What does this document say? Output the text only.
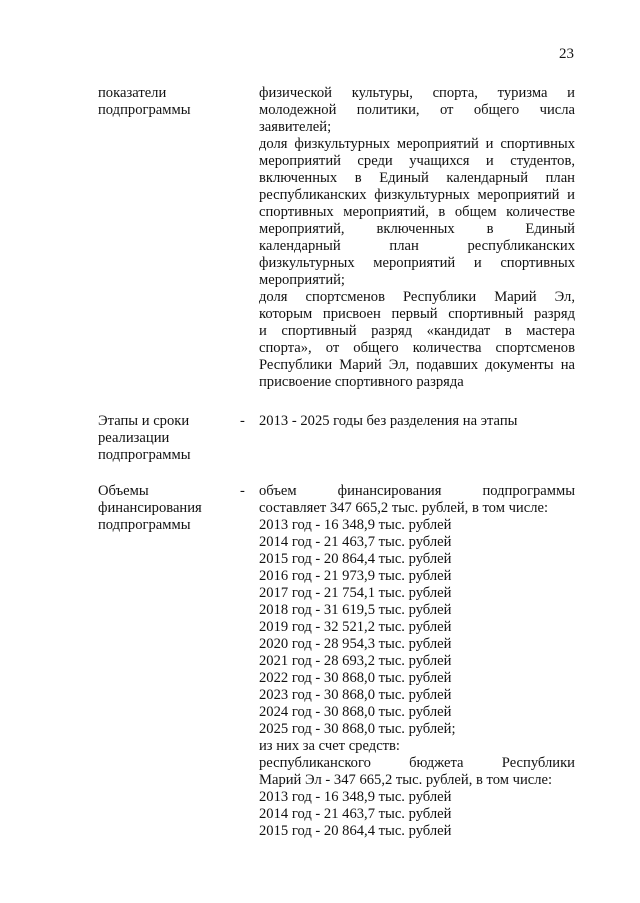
23
показатели
подпрограммы
физической культуры, спорта, туризма и
молодежной политики, от общего числа
заявителей;
доля физкультурных мероприятий и спортивных
мероприятий среди учащихся и студентов,
включенных в Единый календарный план
республиканских физкультурных мероприятий и
спортивных мероприятий, в общем количестве
мероприятий, включенных в Единый
календарный план республиканских
физкультурных мероприятий и спортивных
мероприятий;
доля спортсменов Республики Марий Эл,
которым присвоен первый спортивный разряд
и спортивный разряд «кандидат в мастера
спорта», от общего количества спортсменов
Республики Марий Эл, подавших документы на
присвоение спортивного разряда
Этапы и сроки
реализации
подпрограммы
- 2013 - 2025 годы без разделения на этапы
Объемы
финансирования
подпрограммы
- объем финансирования подпрограммы
составляет 347 665,2 тыс. рублей, в том числе:
2013 год - 16 348,9 тыс. рублей
2014 год - 21 463,7 тыс. рублей
2015 год - 20 864,4 тыс. рублей
2016 год - 21 973,9 тыс. рублей
2017 год - 21 754,1 тыс. рублей
2018 год - 31 619,5 тыс. рублей
2019 год - 32 521,2 тыс. рублей
2020 год - 28 954,3 тыс. рублей
2021 год - 28 693,2 тыс. рублей
2022 год - 30 868,0 тыс. рублей
2023 год - 30 868,0 тыс. рублей
2024 год - 30 868,0 тыс. рублей
2025 год - 30 868,0 тыс. рублей;
из них за счет средств:
республиканского бюджета Республики
Марий Эл - 347 665,2 тыс. рублей, в том числе:
2013 год - 16 348,9 тыс. рублей
2014 год - 21 463,7 тыс. рублей
2015 год - 20 864,4 тыс. рублей
